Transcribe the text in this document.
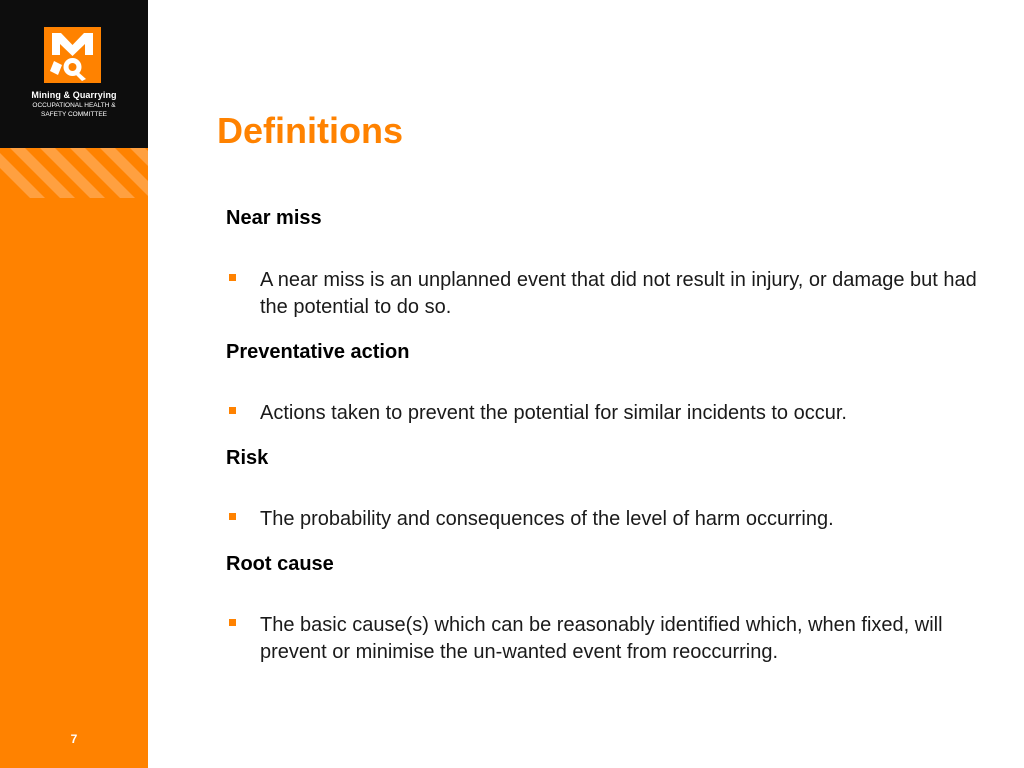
Mining & Quarrying
OCCUPATIONAL HEALTH &
SAFETY COMMITTEE
7
Definitions
Near miss
A near miss is an unplanned event that did not result in injury, or damage but had the potential to do so.
Preventative action
Actions taken to prevent the potential for similar incidents to occur.
Risk
The probability and consequences of the level of harm occurring.
Root cause
The basic cause(s) which can be reasonably identified which, when fixed, will prevent or minimise the un-wanted event from reoccurring.
